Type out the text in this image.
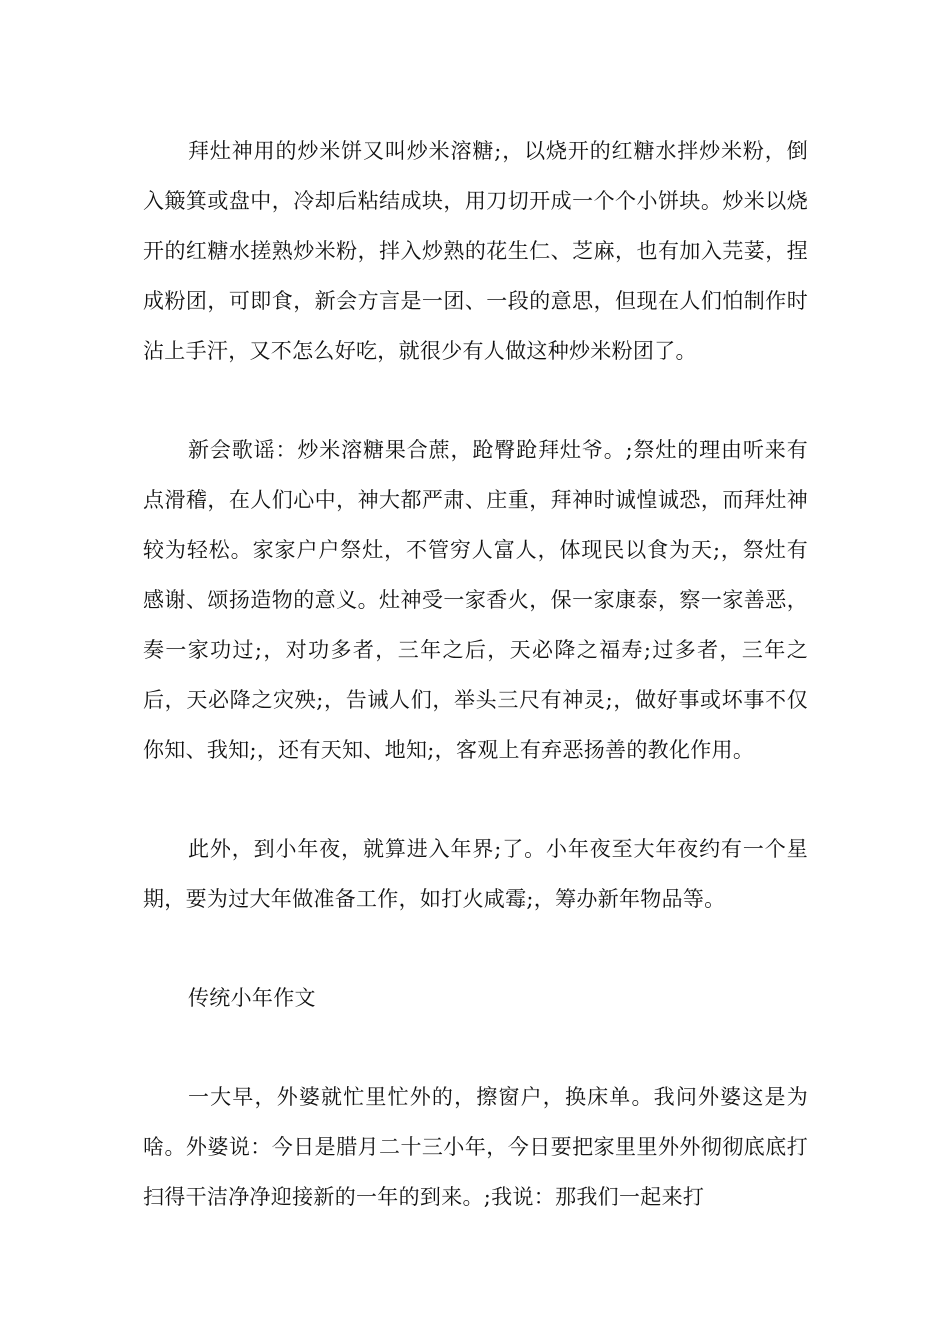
拜灶神用的炒米饼又叫炒米溶糖;，以烧开的红糖水拌炒米粉，倒入簸箕或盘中，冷却后粘结成块，用刀切开成一个个小饼块。炒米以烧开的红糖水搓熟炒米粉，拌入炒熟的花生仁、芝麻，也有加入芫荽，捏成粉团，可即食，新会方言是一团、一段的意思，但现在人们怕制作时沾上手汗，又不怎么好吃，就很少有人做这种炒米粉团了。

新会歌谣：炒米溶糖果合蔗，跄臀跄拜灶爷。;祭灶的理由听来有点滑稽，在人们心中，神大都严肃、庄重，拜神时诚惶诚恐，而拜灶神较为轻松。家家户户祭灶，不管穷人富人，体现民以食为天;，祭灶有感谢、颂扬造物的意义。灶神受一家香火，保一家康泰，察一家善恶，奏一家功过;，对功多者，三年之后，天必降之福寿;过多者，三年之后，天必降之灾殃;，告诫人们，举头三尺有神灵;，做好事或坏事不仅你知、我知;，还有天知、地知;，客观上有弃恶扬善的教化作用。

此外，到小年夜，就算进入年界;了。小年夜至大年夜约有一个星期，要为过大年做准备工作，如打火咸霉;，筹办新年物品等。

传统小年作文

一大早，外婆就忙里忙外的，擦窗户，换床单。我问外婆这是为啥。外婆说：今日是腊月二十三小年，今日要把家里里外外彻彻底底打扫得干洁净净迎接新的一年的到来。;我说：那我们一起来打
